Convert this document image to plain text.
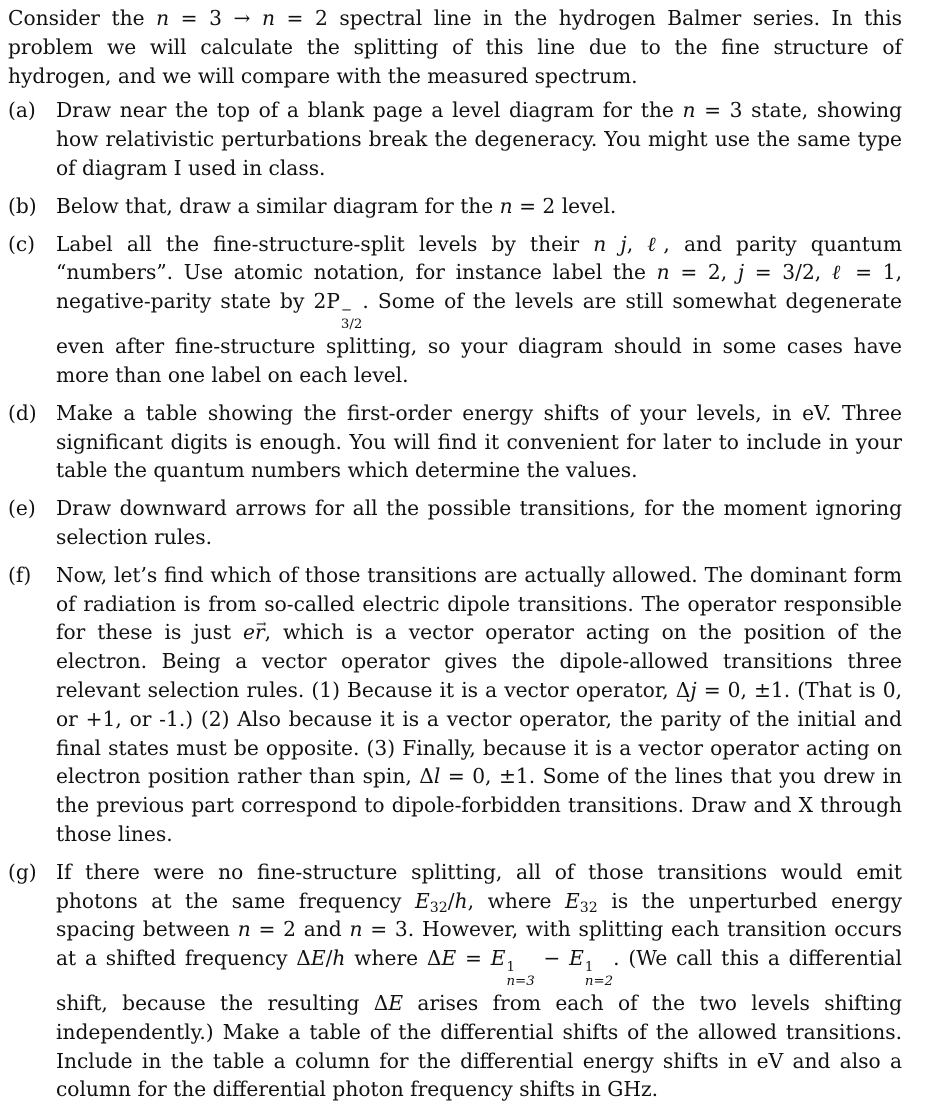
Consider the n = 3 → n = 2 spectral line in the hydrogen Balmer series. In this problem we will calculate the splitting of this line due to the fine structure of hydrogen, and we will compare with the measured spectrum.

(a) Draw near the top of a blank page a level diagram for the n = 3 state, showing how relativistic perturbations break the degeneracy. You might use the same type of diagram I used in class.
(b) Below that, draw a similar diagram for the n = 2 level.
(c) Label all the fine-structure-split levels by their n j, ℓ, and parity quantum “numbers”. Use atomic notation, for instance label the n = 2, j = 3/2, ℓ = 1, negative-parity state by 2P −
3/2
. Some of the levels are still somewhat degenerate even after fine-structure splitting, so your diagram should in some cases have more than one label on each level.
(d) Make a table showing the first-order energy shifts of your levels, in eV. Three significant digits is enough. You will find it convenient for later to include in your table the quantum numbers which determine the values.
(e) Draw downward arrows for all the possible transitions, for the moment ignoring selection rules.
(f) Now, let’s find which of those transitions are actually allowed. The dominant form of radiation is from so-called electric dipole transitions. The operator responsible for these is just e→ r, which is a vector operator acting on the position of the electron. Being a vector operator gives the dipole-allowed transitions three relevant selection rules. (1) Because it is a vector operator, Δj = 0, ±1. (That is 0, or +1, or -1.) (2) Also because it is a vector operator, the parity of the initial and final states must be opposite. (3) Finally, because it is a vector operator acting on electron position rather than spin, Δl = 0, ±1. Some of the lines that you drew in the previous part correspond to dipole-forbidden transitions. Draw and X through those lines.
(g) If there were no fine-structure splitting, all of those transitions would emit photons at the same frequency $E_{32}/h$, where $E_{32}$ is the unperturbed energy spacing between n = 2 and n = 3. However, with splitting each transition occurs at a shifted frequency ΔE/h where ΔE = E 1
n=3
− E 1
n=2
. (We call this a differential shift, because the resulting ΔE arises from each of the two levels shifting independently.) Make a table of the differential shifts of the allowed transitions. Include in the table a column for the differential energy shifts in eV and also a column for the differential photon frequency shifts in GHz.
